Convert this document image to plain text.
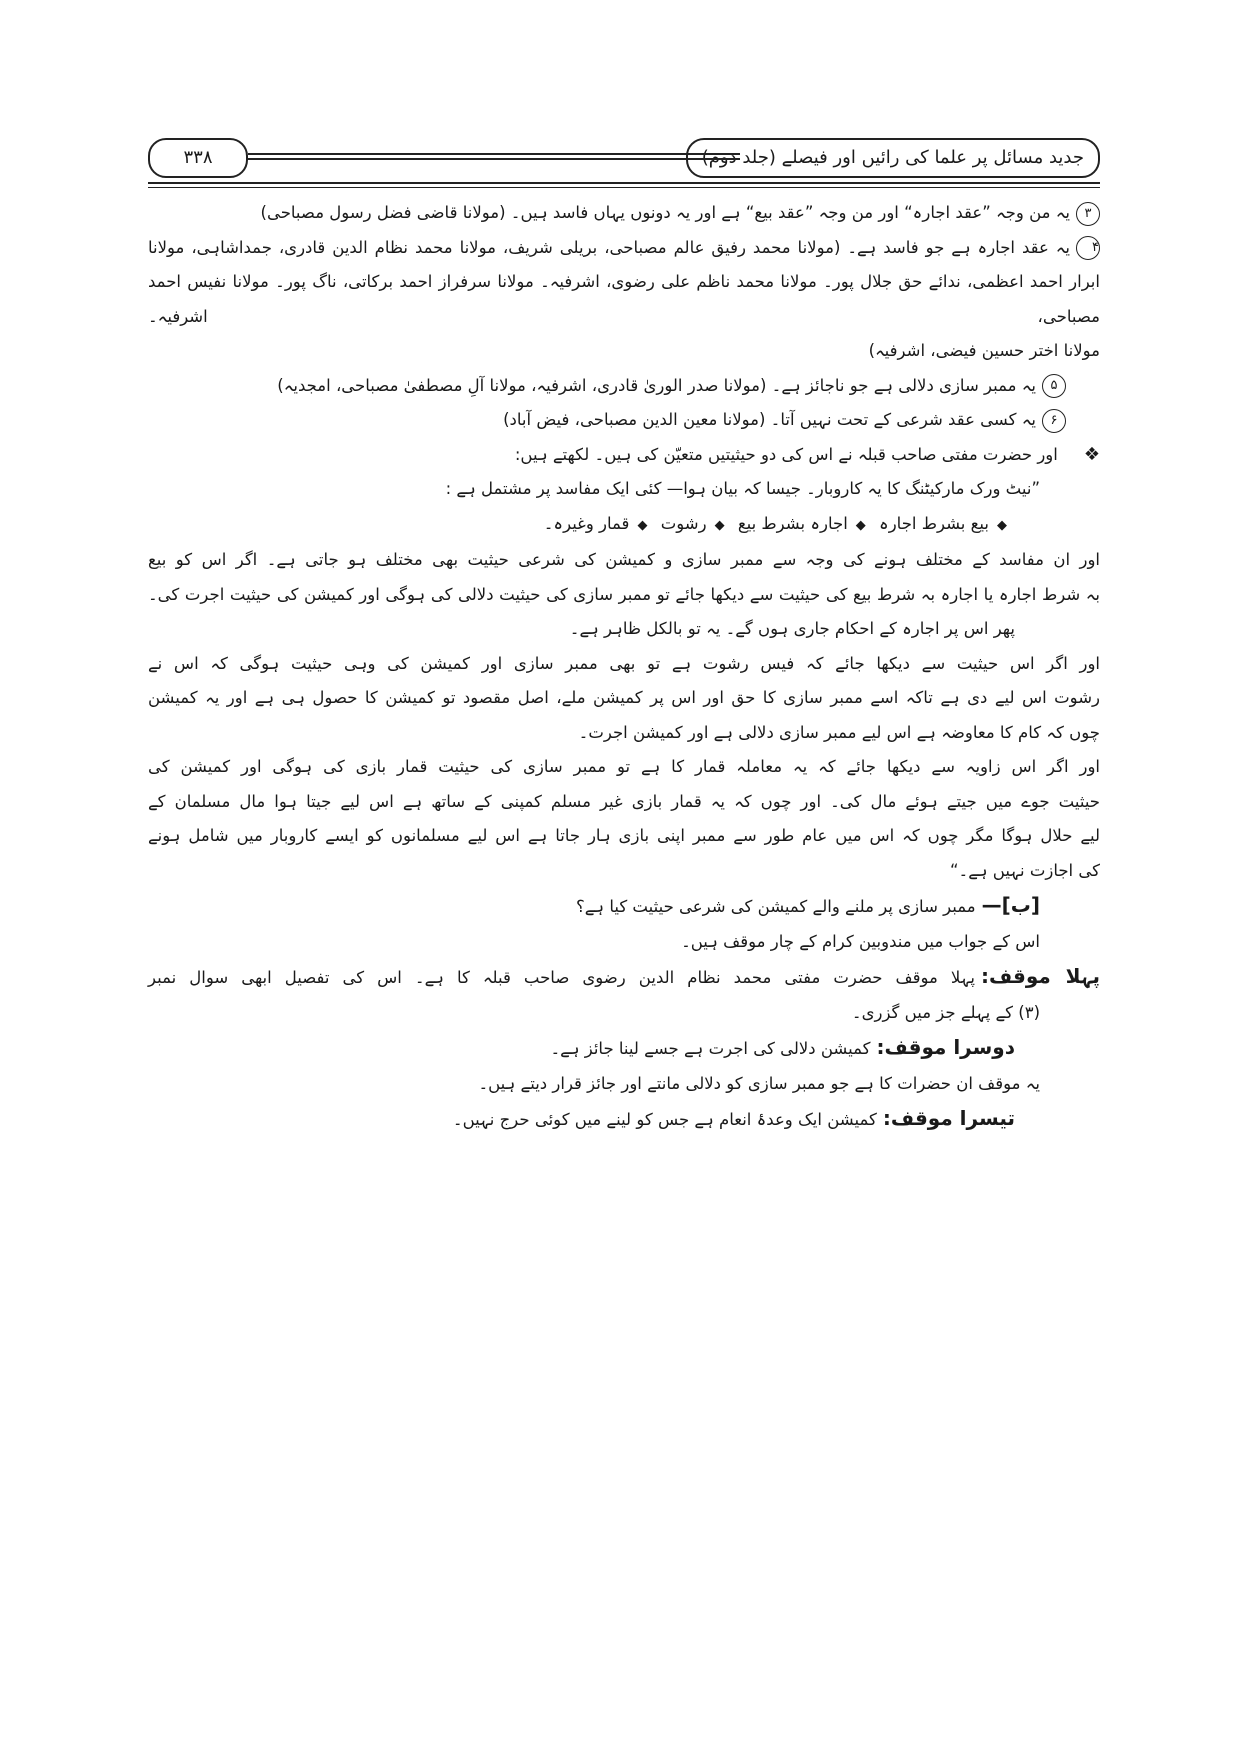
جدید مسائل پر علما کی رائیں اور فیصلے (جلد دوم)
۳۳۸
۳یہ من وجہ ”عقد اجارہ“ اور من وجہ ”عقد بیع“ ہے اور یہ دونوں یہاں فاسد ہیں۔ (مولانا قاضی فضل رسول مصباحی)
۴یہ عقد اجارہ ہے جو فاسد ہے۔ (مولانا محمد رفیق عالم مصباحی، بریلی شریف، مولانا محمد نظام الدین قادری، جمداشاہی، مولانا
ابرار احمد اعظمی، ندائے حق جلال پور۔ مولانا محمد ناظم علی رضوی، اشرفیہ۔ مولانا سرفراز احمد برکاتی، ناگ پور۔ مولانا نفیس احمد مصباحی، اشرفیہ۔
مولانا اختر حسین فیضی، اشرفیہ)
۵یہ ممبر سازی دلالی ہے جو ناجائز ہے۔ (مولانا صدر الوریٰ قادری، اشرفیہ، مولانا آلِ مصطفیٰ مصباحی، امجدیہ)
۶یہ کسی عقد شرعی کے تحت نہیں آتا۔ (مولانا معین الدین مصباحی، فیض آباد)
❖اور حضرت مفتی صاحب قبلہ نے اس کی دو حیثیتیں متعیّن کی ہیں۔ لکھتے ہیں:
”نیٹ ورک مارکیٹنگ کا یہ کاروبار۔ جیسا کہ بیان ہوا— کئی ایک مفاسد پر مشتمل ہے :
◆بیع بشرط اجارہ ◆اجارہ بشرط بیع ◆رشوت ◆قمار وغیرہ۔
اور ان مفاسد کے مختلف ہونے کی وجہ سے ممبر سازی و کمیشن کی شرعی حیثیت بھی مختلف ہو جاتی ہے۔ اگر اس کو بیع
بہ شرط اجارہ یا اجارہ بہ شرط بیع کی حیثیت سے دیکھا جائے تو ممبر سازی کی حیثیت دلالی کی ہوگی اور کمیشن کی حیثیت اجرت کی۔
پھر اس پر اجارہ کے احکام جاری ہوں گے۔ یہ تو بالکل ظاہر ہے۔
اور اگر اس حیثیت سے دیکھا جائے کہ فیس رشوت ہے تو بھی ممبر سازی اور کمیشن کی وہی حیثیت ہوگی کہ اس نے
رشوت اس لیے دی ہے تاکہ اسے ممبر سازی کا حق اور اس پر کمیشن ملے، اصل مقصود تو کمیشن کا حصول ہی ہے اور یہ کمیشن
چوں کہ کام کا معاوضہ ہے اس لیے ممبر سازی دلالی ہے اور کمیشن اجرت۔
اور اگر اس زاویہ سے دیکھا جائے کہ یہ معاملہ قمار کا ہے تو ممبر سازی کی حیثیت قمار بازی کی ہوگی اور کمیشن کی
حیثیت جوے میں جیتے ہوئے مال کی۔ اور چوں کہ یہ قمار بازی غیر مسلم کمپنی کے ساتھ ہے اس لیے جیتا ہوا مال مسلمان کے
لیے حلال ہوگا مگر چوں کہ اس میں عام طور سے ممبر اپنی بازی ہار جاتا ہے اس لیے مسلمانوں کو ایسے کاروبار میں شامل ہونے
کی اجازت نہیں ہے۔“
[ب]—ممبر سازی پر ملنے والے کمیشن کی شرعی حیثیت کیا ہے؟
اس کے جواب میں مندوبین کرام کے چار موقف ہیں۔
پہلا موقف:پہلا موقف حضرت مفتی محمد نظام الدین رضوی صاحب قبلہ کا ہے۔ اس کی تفصیل ابھی سوال نمبر
(۳) کے پہلے جز میں گزری۔
دوسرا موقف:کمیشن دلالی کی اجرت ہے جسے لینا جائز ہے۔
یہ موقف ان حضرات کا ہے جو ممبر سازی کو دلالی مانتے اور جائز قرار دیتے ہیں۔
تیسرا موقف:کمیشن ایک وعدۂ انعام ہے جس کو لینے میں کوئی حرج نہیں۔
